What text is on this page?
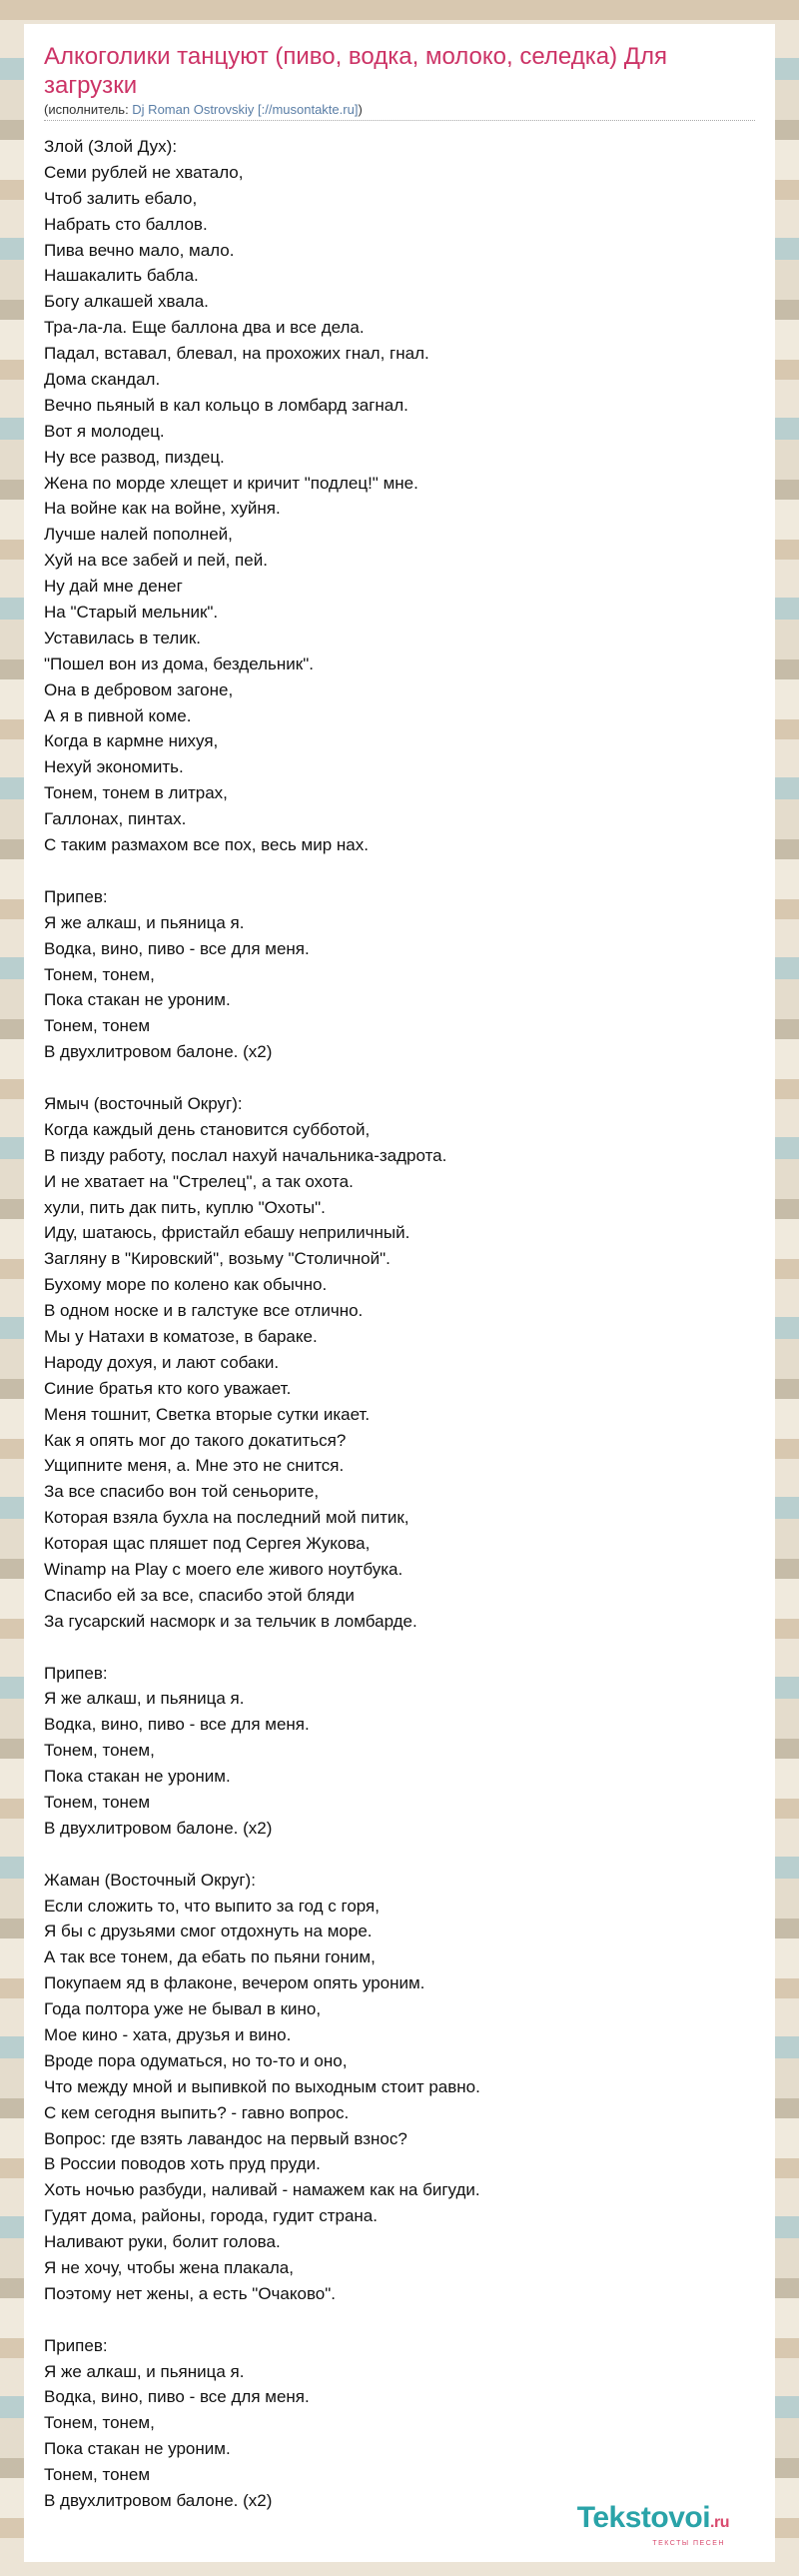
Алкоголики танцуют (пиво, водка, молоко, селедка) Для загрузки
(исполнитель: Dj Roman Ostrovskiy [://musontakte.ru])
Злой (Злой Дух):
Семи рублей не хватало,
Чтоб залить ебало,
Набрать сто баллов.
Пива вечно мало, мало.
Нашакалить бабла.
Богу алкашей хвала.
Тра-ла-ла. Еще баллона два и все дела.
Падал, вставал, блевал, на прохожих гнал, гнал.
Дома скандал.
Вечно пьяный в кал кольцо в ломбард загнал.
Вот я молодец.
Ну все развод, пиздец.
Жена по морде хлещет и кричит "подлец!" мне.
На войне как на войне, хуйня.
Лучше налей пополней,
Хуй на все забей и пей, пей.
Ну дай мне денег
На "Старый мельник".
Уставилась в телик.
"Пошел вон из дома, бездельник".
Она в дебровом загоне,
А я в пивной коме.
Когда в кармне нихуя,
Нехуй экономить.
Тонем, тонем в литрах,
Галлонах, пинтах.
С таким размахом все пох, весь мир нах.

Припев:
Я же алкаш, и пьяница я.
Водка, вино, пиво - все для меня.
Тонем, тонем,
Пока стакан не уроним.
Тонем, тонем
В двухлитровом балоне. (x2)

Ямыч (восточный Округ):
Когда каждый день становится субботой,
В пизду работу, послал нахуй начальника-задрота.
И не хватает на "Стрелец", а так охота.
хули, пить дак пить, куплю "Охоты".
Иду, шатаюсь, фристайл ебашу неприличный.
Загляну в "Кировский", возьму "Столичной".
Бухому море по колено как обычно.
В одном носке и в галстуке все отлично.
Мы у Натахи в коматозе, в бараке.
Народу дохуя, и лают собаки.
Синие братья кто кого уважает.
Меня тошнит, Светка вторые сутки икает.
Как я опять мог до такого докатиться?
Ущипните меня, а. Мне это не снится.
За все спасибо вон той сеньорите,
Которая взяла бухла на последний мой питик,
Которая щас пляшет под Сергея Жукова,
Winamp на Play с моего еле живого ноутбука.
Спасибо ей за все, спасибо этой бляди
За гусарский насморк и за тельчик в ломбарде.

Припев:
Я же алкаш, и пьяница я.
Водка, вино, пиво - все для меня.
Тонем, тонем,
Пока стакан не уроним.
Тонем, тонем
В двухлитровом балоне. (x2)

Жаман (Восточный Округ):
Если сложить то, что выпито за год с горя,
Я бы с друзьями смог отдохнуть на море.
А так все тонем, да ебать по пьяни гоним,
Покупаем яд в флаконе, вечером опять уроним.
Года полтора уже не бывал в кино,
Мое кино - хата, друзья и вино.
Вроде пора одуматься, но то-то и оно,
Что между мной и выпивкой по выходным стоит равно.
С кем сегодня выпить? - гавно вопрос.
Вопрос: где взять лавандос на первый взнос?
В России поводов хоть пруд пруди.
Хоть ночью разбуди, наливай - намажем как на бигуди.
Гудят дома, районы, города, гудит страна.
Наливают руки, болит голова.
Я не хочу, чтобы жена плакала,
Поэтому нет жены, а есть "Очаково".

Припев:
Я же алкаш, и пьяница я.
Водка, вино, пиво - все для меня.
Тонем, тонем,
Пока стакан не уроним.
Тонем, тонем
В двухлитровом балоне. (x2)
Tekstovoi.ru
ТЕКСТЫ ПЕСЕН
